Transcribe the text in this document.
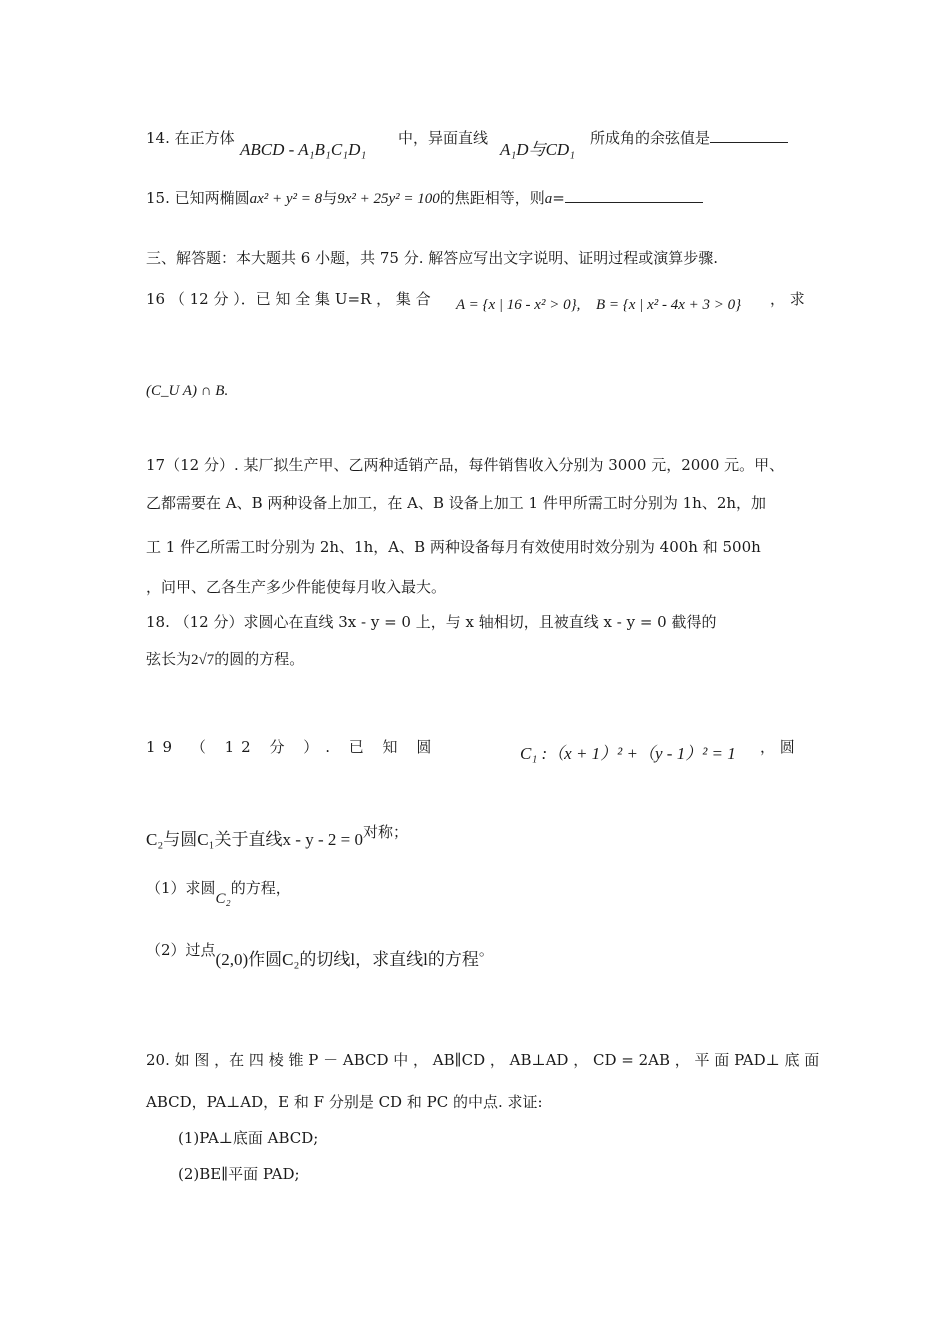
14. 在正方体
ABCD - A₁B₁C₁D₁
中，异面直线
A₁D与CD₁
所成角的余弦值是
15. 已知两椭圆ax² + y² = 8与9x² + 25y² = 100的焦距相等，则a=
三、解答题：本大题共 6 小题，共 75 分. 解答应写出文字说明、证明过程或演算步骤.
16 （ 12 分 ）．已 知 全 集 U=R ， 集 合 A = {x | 16 - x² > 0}, B = {x | x² - 4x + 3 > 0} ， 求
(C_U A) ∩ B.
17（12 分）. 某厂拟生产甲、乙两种适销产品，每件销售收入分别为 3000 元，2000 元。甲、
乙都需要在 A、B 两种设备上加工，在 A、B 设备上加工 1 件甲所需工时分别为 1h、2h，加
工 1 件乙所需工时分别为 2h、1h，A、B 两种设备每月有效使用时效分别为 400h 和 500h
，问甲、乙各生产多少件能使每月收入最大。
18. （12 分）求圆心在直线 3x - y = 0 上，与 x 轴相切，且被直线 x - y = 0 截得的
弦长为2√7的圆的方程。
19 （ 12 分 ）. 已 知 圆	C₁ :（x + 1）² +（y - 1）² = 1 ， 圆
C₂与圆C₁关于直线x - y - 2 = 0对称；
（1）求圆C₂的方程，
（2）过点(2,0)作圆C₂的切线l，求直线l的方程。
20. 如 图 ，在 四 棱 锥 P － ABCD 中 ， AB∥CD ， AB⊥AD ， CD = 2AB ， 平 面 PAD⊥ 底 面
ABCD，PA⊥AD，E 和 F 分别是 CD 和 PC 的中点. 求证:
(1)PA⊥底面 ABCD;
(2)BE∥平面 PAD;
